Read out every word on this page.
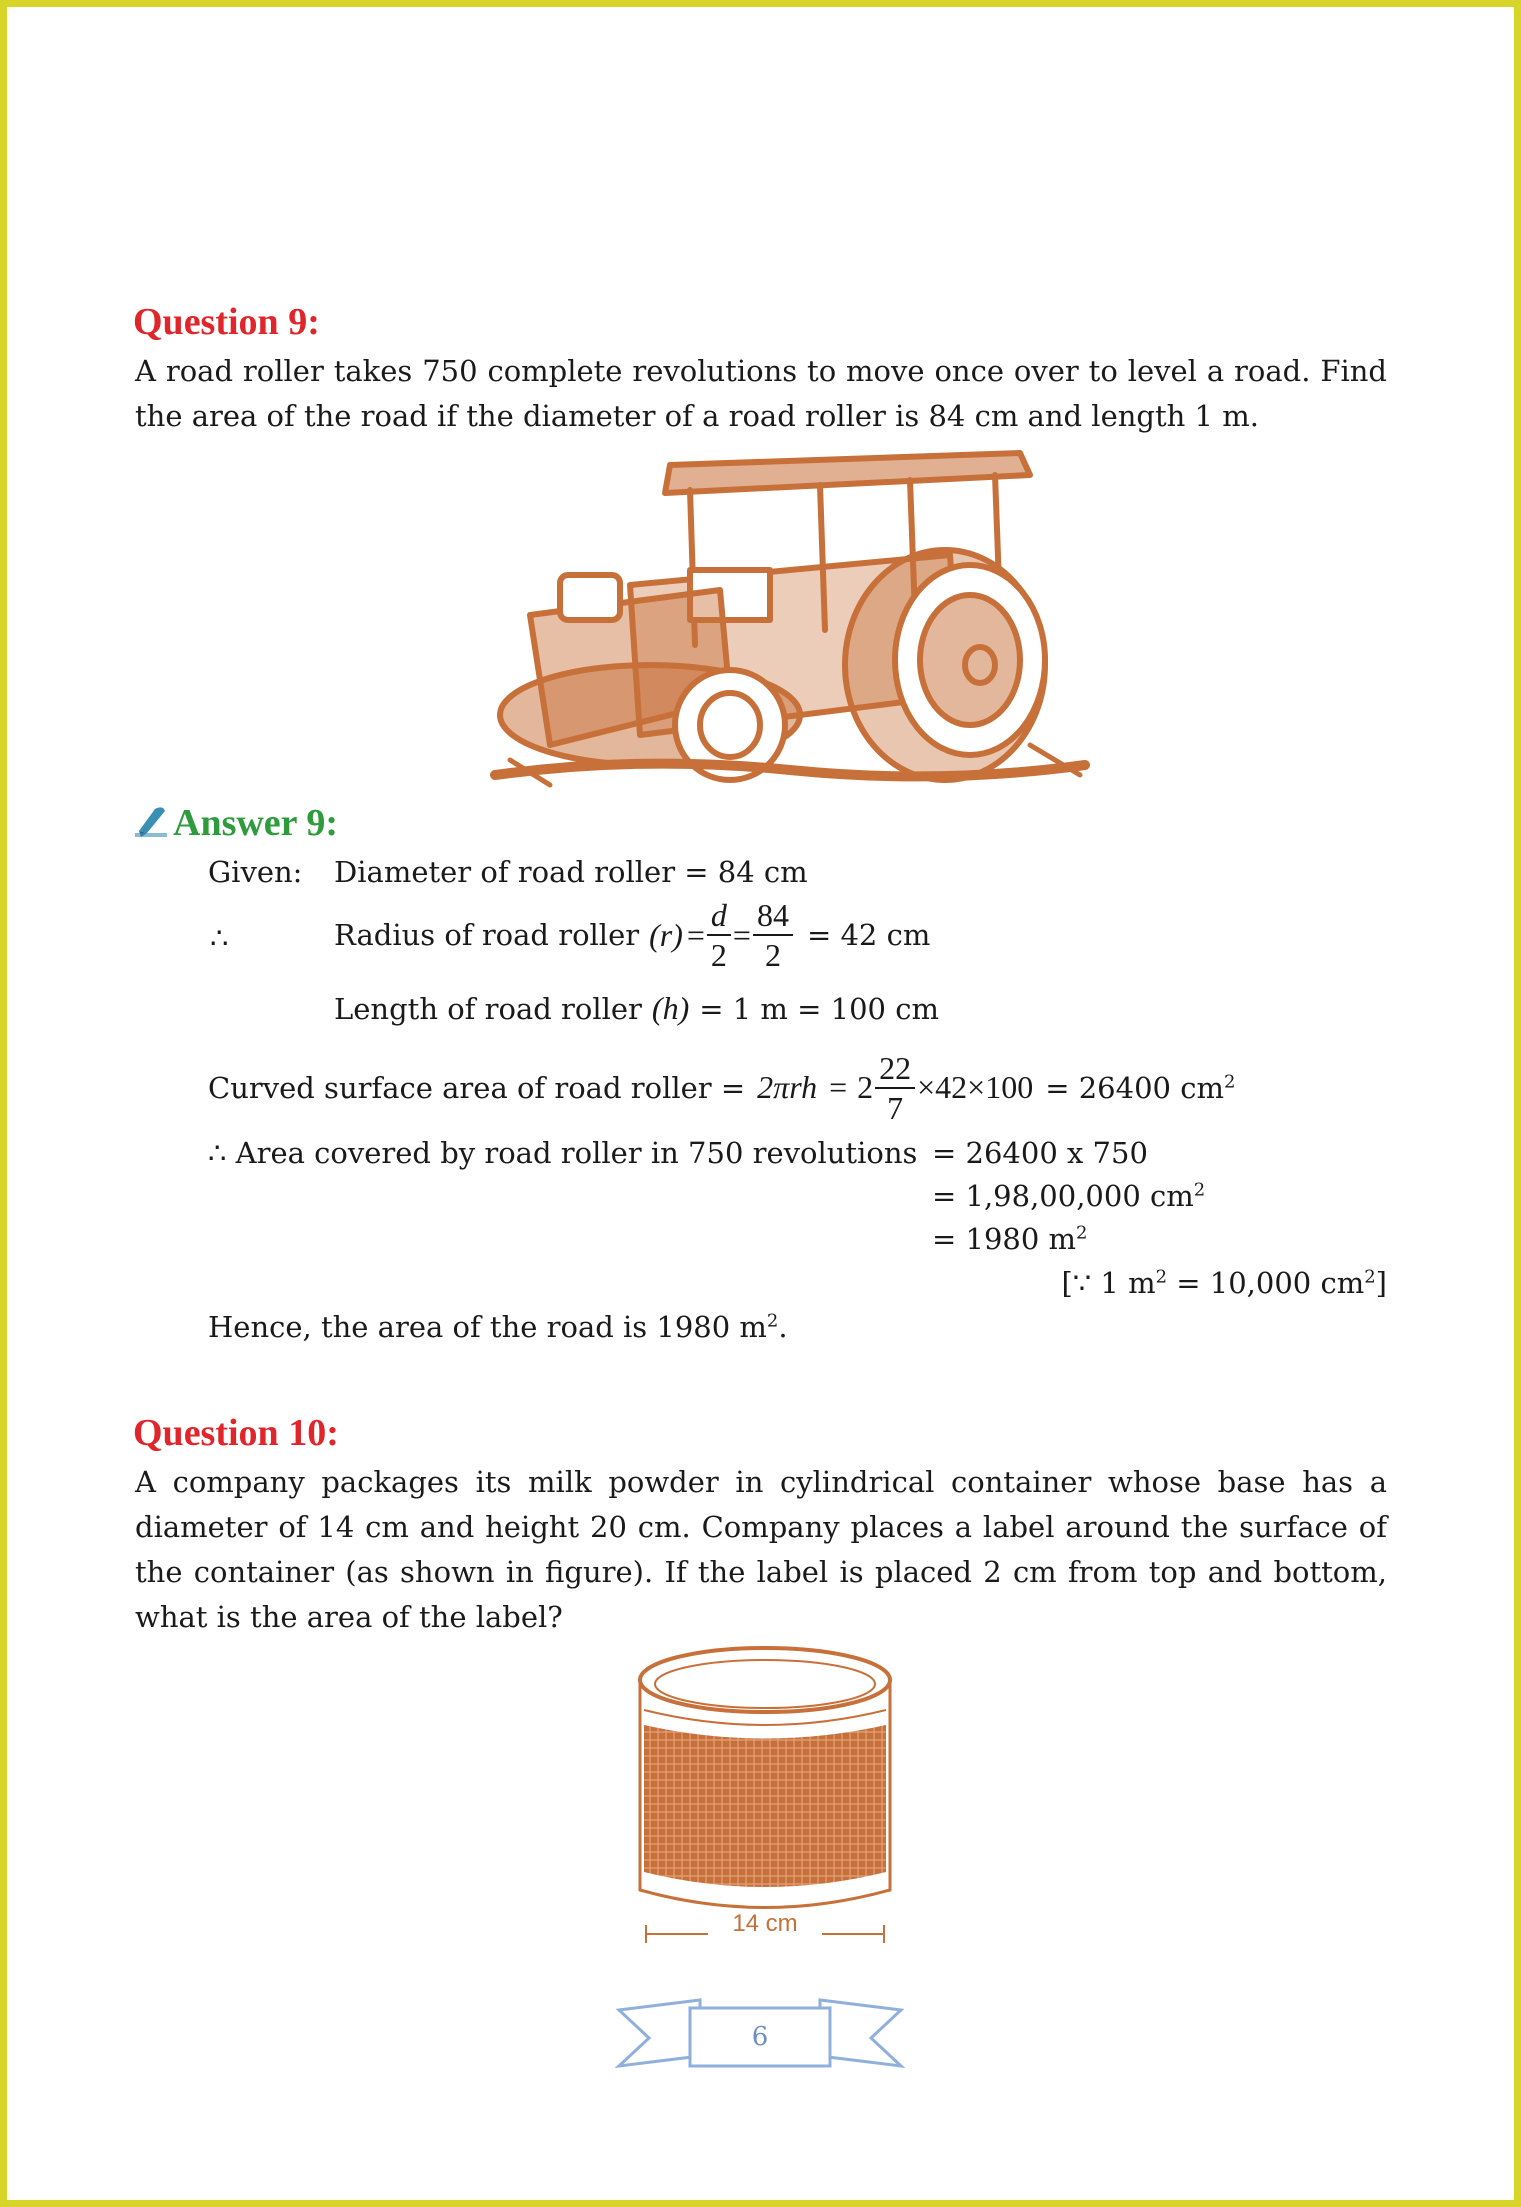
Question 9:
A road roller takes 750 complete revolutions to move once over to level a road. Find the area of the road if the diameter of a road roller is 84 cm and length 1 m.
Answer 9:
Given: Diameter of road roller = 84 cm
∴	Radius of road roller $(r) = \frac{d}{2} = \frac{84}{2} = 42$ cm
Length of road roller (h) = 1 m = 100 cm
Curved surface area of road roller = $2\pi rh = 2 \frac{22}{7} \times 42\times 100 = 26400$ $cm^2$
∴ Area covered by road roller in 750 revolutions = 26400 x 750
= 1,98,00,000 $cm^2$
= 1980 $m^2$
[∵ 1 $m^2 = 10,000$ $cm^2$]
Hence, the area of the road is 1980 $m^2$.
Question 10:
A company packages its milk powder in cylindrical container whose base has a diameter of 14 cm and height 20 cm. Company places a label around the surface of the container (as shown in figure). If the label is placed 2 cm from top and bottom, what is the area of the label?
14 cm
6
